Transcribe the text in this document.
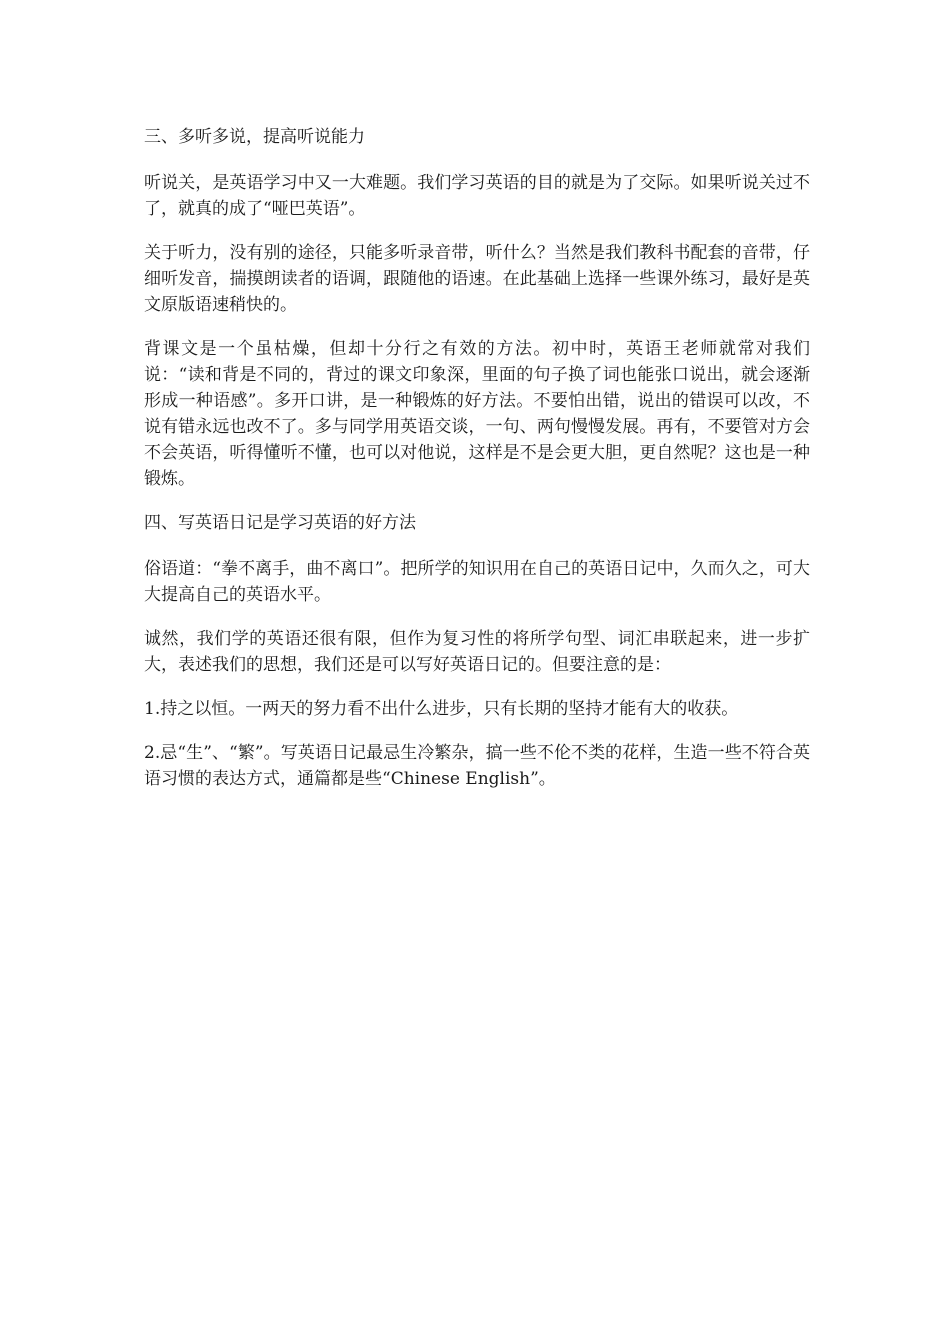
三、多听多说，提高听说能力

听说关，是英语学习中又一大难题。我们学习英语的目的就是为了交际。如果听说关过不了，就真的成了“哑巴英语”。

关于听力，没有别的途径，只能多听录音带，听什么？当然是我们教科书配套的音带，仔细听发音，揣摸朗读者的语调，跟随他的语速。在此基础上选择一些课外练习，最好是英文原版语速稍快的。

背课文是一个虽枯燥，但却十分行之有效的方法。初中时，英语王老师就常对我们说：“读和背是不同的，背过的课文印象深，里面的句子换了词也能张口说出，就会逐渐形成一种语感”。多开口讲，是一种锻炼的好方法。不要怕出错，说出的错误可以改，不说有错永远也改不了。多与同学用英语交谈，一句、两句慢慢发展。再有，不要管对方会不会英语，听得懂听不懂，也可以对他说，这样是不是会更大胆，更自然呢？这也是一种锻炼。

四、写英语日记是学习英语的好方法

俗语道：“拳不离手，曲不离口”。把所学的知识用在自己的英语日记中，久而久之，可大大提高自己的英语水平。

诚然，我们学的英语还很有限，但作为复习性的将所学句型、词汇串联起来，进一步扩大，表述我们的思想，我们还是可以写好英语日记的。但要注意的是：

1.持之以恒。一两天的努力看不出什么进步，只有长期的坚持才能有大的收获。

2.忌“生”、“繁”。写英语日记最忌生冷繁杂，搞一些不伦不类的花样，生造一些不符合英语习惯的表达方式，通篇都是些“Chinese English”。
